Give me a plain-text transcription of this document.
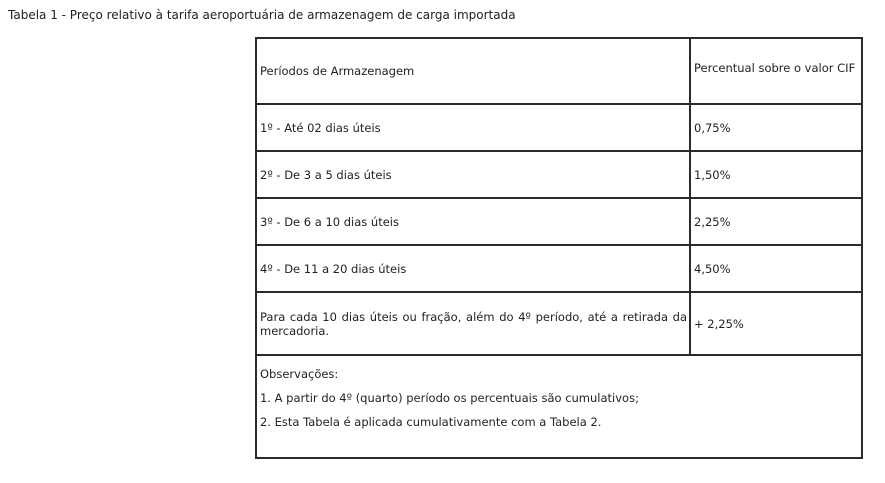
Tabela 1 - Preço relativo à tarifa aeroportuária de armazenagem de carga importada
Períodos de Armazenagem	Percentual sobre o valor CIF

1º - Até 02 dias úteis	0,75%
2º - De 3 a 5 dias úteis	1,50%
3º - De 6 a 10 dias úteis	2,25%
4º - De 11 a 20 dias úteis	4,50%
Para cada 10 dias úteis ou fração, além do 4º período, até a retirada da mercadoria.	+ 2,25%

Observações:
1. A partir do 4º (quarto) período os percentuais são cumulativos;
2. Esta Tabela é aplicada cumulativamente com a Tabela 2.	
